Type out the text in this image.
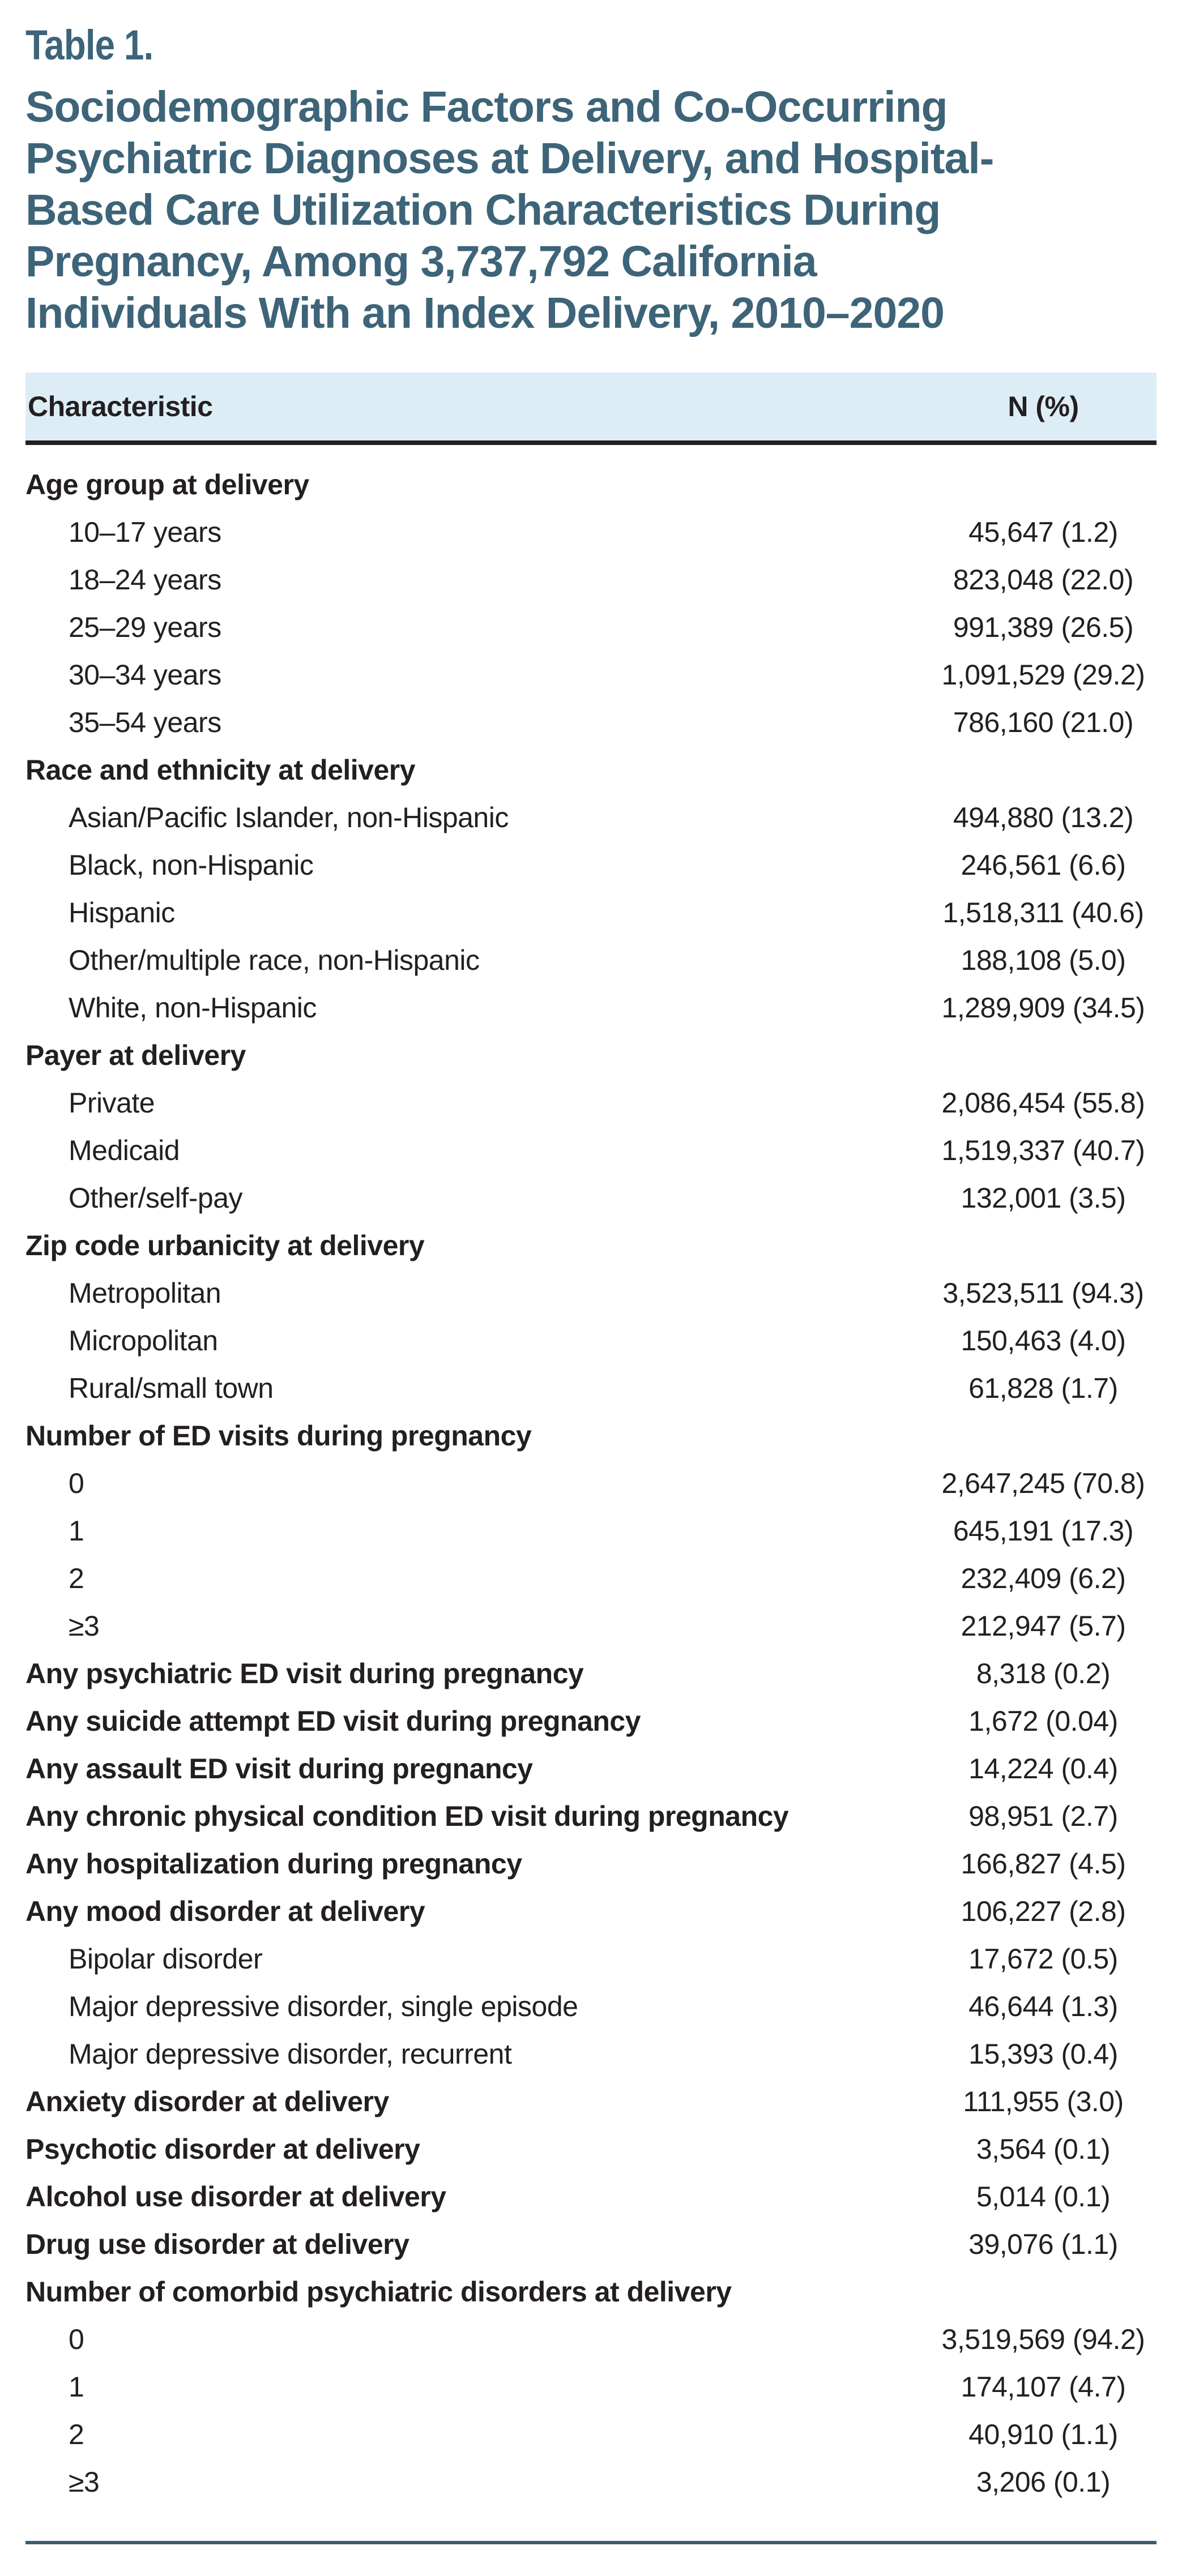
Table 1.
Sociodemographic Factors and Co-Occurring
Psychiatric Diagnoses at Delivery, and Hospital-
Based Care Utilization Characteristics During
Pregnancy, Among 3,737,792 California
Individuals With an Index Delivery, 2010–2020
Characteristic	N (%)
Age group at delivery
10–17 years	45,647 (1.2)
18–24 years	823,048 (22.0)
25–29 years	991,389 (26.5)
30–34 years	1,091,529 (29.2)
35–54 years	786,160 (21.0)
Race and ethnicity at delivery
Asian/Pacific Islander, non-Hispanic	494,880 (13.2)
Black, non-Hispanic	246,561 (6.6)
Hispanic	1,518,311 (40.6)
Other/multiple race, non-Hispanic	188,108 (5.0)
White, non-Hispanic	1,289,909 (34.5)
Payer at delivery
Private	2,086,454 (55.8)
Medicaid	1,519,337 (40.7)
Other/self-pay	132,001 (3.5)
Zip code urbanicity at delivery
Metropolitan	3,523,511 (94.3)
Micropolitan	150,463 (4.0)
Rural/small town	61,828 (1.7)
Number of ED visits during pregnancy
0	2,647,245 (70.8)
1	645,191 (17.3)
2	232,409 (6.2)
≥3	212,947 (5.7)
Any psychiatric ED visit during pregnancy	8,318 (0.2)
Any suicide attempt ED visit during pregnancy	1,672 (0.04)
Any assault ED visit during pregnancy	14,224 (0.4)
Any chronic physical condition ED visit during pregnancy	98,951 (2.7)
Any hospitalization during pregnancy	166,827 (4.5)
Any mood disorder at delivery	106,227 (2.8)
Bipolar disorder	17,672 (0.5)
Major depressive disorder, single episode	46,644 (1.3)
Major depressive disorder, recurrent	15,393 (0.4)
Anxiety disorder at delivery	111,955 (3.0)
Psychotic disorder at delivery	3,564 (0.1)
Alcohol use disorder at delivery	5,014 (0.1)
Drug use disorder at delivery	39,076 (1.1)
Number of comorbid psychiatric disorders at delivery
0	3,519,569 (94.2)
1	174,107 (4.7)
2	40,910 (1.1)
≥3	3,206 (0.1)
